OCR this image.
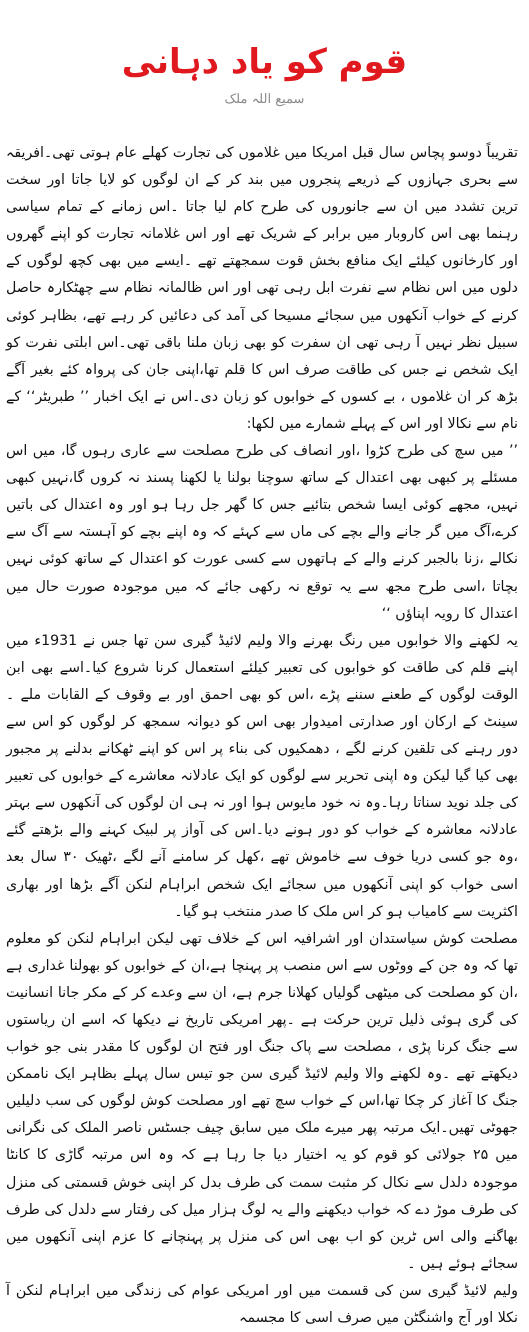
قوم کو یاد دہانی
سمیع اللہ ملک

تقریباً دوسو پچاس سال قبل امریکا میں غلاموں کی تجارت کھلے عام ہوتی تھی۔افریقہ سے بحری جہازوں کے ذریعے پنجروں میں بند کر کے ان لوگوں کو لایا جاتا اور سخت ترین تشدد میں ان سے جانوروں کی طرح کام لیا جاتا ۔اس زمانے کے تمام سیاسی رہنما بھی اس کاروبار میں برابر کے شریک تھے اور اس غلامانہ تجارت کو اپنے گھروں اور کارخانوں کیلئے ایک منافع بخش قوت سمجھتے تھے ۔ایسے میں بھی کچھ لوگوں کے دلوں میں اس نظام سے نفرت ابل رہی تھی اور اس ظالمانہ نظام سے چھٹکارہ حاصل کرنے کے خواب آنکھوں میں سجائے مسیحا کی آمد کی دعائیں کر رہے تھے، بظاہر کوئی سبیل نظر نہیں آ رہی تھی ان سفرت کو بھی زبان ملنا باقی تھی۔اس ابلتی نفرت کو ایک شخص نے جس کی طاقت صرف اس کا قلم تھا،اپنی جان کی پرواہ کئے بغیر آگے بڑھ کر ان غلاموں ، بے کسوں کے خوابوں کو زبان دی۔اس نے ایک اخبار ’’ طبریٹر‘‘ کے نام سے نکالا اور اس کے پہلے شمارے میں لکھا:

’’ میں سچ کی طرح کڑوا ،اور انصاف کی طرح مصلحت سے عاری رہوں گا، میں اس مسئلے پر کبھی بھی اعتدال کے ساتھ سوچنا بولنا یا لکھنا پسند نہ کروں گا،نہیں کبھی نہیں، مجھے کوئی ایسا شخص بتائیے جس کا گھر جل رہا ہو اور وہ اعتدال کی باتیں کرے،آگ میں گر جانے والے بچے کی ماں سے کہئے کہ وہ اپنے بچے کو آہستہ سے آگ سے نکالے ،زنا بالجبر کرنے والے کے ہاتھوں سے کسی عورت کو اعتدال کے ساتھ کوئی نہیں بچاتا ،اسی طرح مجھ سے یہ توقع نہ رکھی جائے کہ میں موجودہ صورت حال میں اعتدال کا رویہ اپناؤں ‘‘

یہ لکھنے والا خوابوں میں رنگ بھرنے والا ولیم لائیڈ گیری سن تھا جس نے 1931ء میں اپنے قلم کی طاقت کو خوابوں کی تعبیر کیلئے استعمال کرنا شروع کیا۔اسے بھی ابن الوقت لوگوں کے طعنے سننے پڑے ،اس کو بھی احمق اور بے وقوف کے القابات ملے ۔سینٹ کے ارکان اور صدارتی امیدوار بھی اس کو دیوانہ سمجھ کر لوگوں کو اس سے دور رہنے کی تلقین کرنے لگے ، دھمکیوں کی بناء پر اس کو اپنے ٹھکانے بدلنے پر مجبور بھی کیا گیا لیکن وہ اپنی تحریر سے لوگوں کو ایک عادلانہ معاشرے کے خوابوں کی تعبیر کی جلد نوید سناتا رہا۔وہ نہ خود مایوس ہوا اور نہ ہی ان لوگوں کی آنکھوں سے بہتر عادلانہ معاشرہ کے خواب کو دور ہونے دیا۔اس کی آواز پر لبیک کہنے والے بڑھتے گئے ،وہ جو کسی دریا خوف سے خاموش تھے ،کھل کر سامنے آنے لگے ،ٹھیک ۳۰ سال بعد اسی خواب کو اپنی آنکھوں میں سجائے ایک شخص ابراہام لنکن آگے بڑھا اور بھاری اکثریت سے کامیاب ہو کر اس ملک کا صدر منتخب ہو گیا۔

مصلحت کوش سیاستدان اور اشرافیہ اس کے خلاف تھی لیکن ابراہام لنکن کو معلوم تھا کہ وہ جن کے ووٹوں سے اس منصب پر پہنچا ہے،ان کے خوابوں کو بھولنا غداری ہے ،ان کو مصلحت کی میٹھی گولیاں کھلانا جرم ہے، ان سے وعدے کر کے مکر جانا انسانیت کی گری ہوئی ذلیل ترین حرکت ہے ۔پھر امریکی تاریخ نے دیکھا کہ اسے ان ریاستوں سے جنگ کرنا پڑی ، مصلحت سے پاک جنگ اور فتح ان لوگوں کا مقدر بنی جو خواب دیکھتے تھے ۔وہ لکھنے والا ولیم لائیڈ گیری سن جو تیس سال پہلے بظاہر ایک ناممکن جنگ کا آغاز کر چکا تھا،اس کے خواب سچ تھے اور مصلحت کوش لوگوں کی سب دلیلیں جھوٹی تھیں۔ایک مرتبہ پھر میرے ملک میں سابق چیف جسٹس ناصر الملک کی نگرانی میں ۲۵ جولائی کو قوم کو یہ اختیار دیا جا رہا ہے کہ وہ اس مرتبہ گاڑی کا کانٹا موجودہ دلدل سے نکال کر مثبت سمت کی طرف بدل کر اپنی خوش قسمتی کی منزل کی طرف موڑ دے کہ خواب دیکھنے والے یہ لوگ ہزار میل کی رفتار سے دلدل کی طرف بھاگنے والی اس ٹرین کو اب بھی اس کی منزل پر پہنچانے کا عزم اپنی آنکھوں میں سجائے ہوئے ہیں ۔

ولیم لائیڈ گیری سن کی قسمت میں اور امریکی عوام کی زندگی میں ابراہام لنکن آ نکلا اور آج واشنگٹن میں صرف اسی کا مجسمہ
